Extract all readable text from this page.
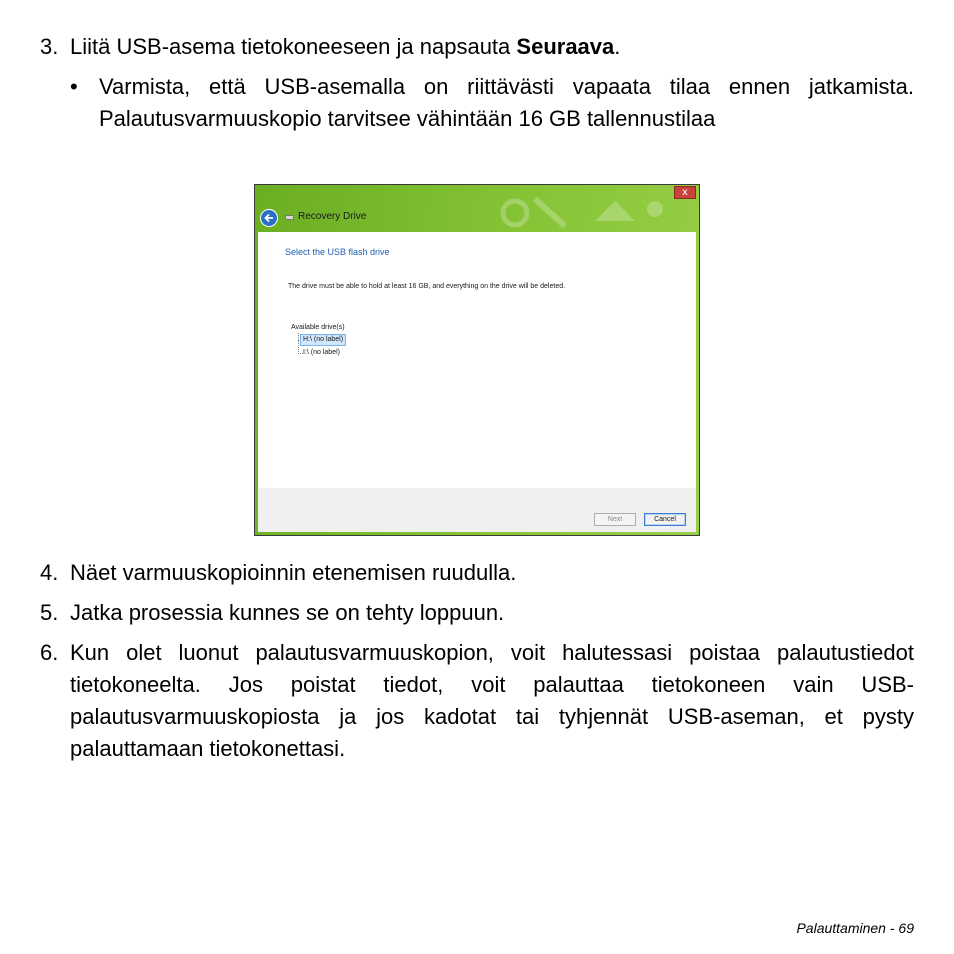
3. Liitä USB-asema tietokoneeseen ja napsauta Seuraava.

• Varmista, että USB-asemalla on riittävästi vapaata tilaa ennen jatkamista. Palautusvarmuuskopio tarvitsee vähintään 16 GB tallennustilaa

x
Recovery Drive
Select the USB flash drive
The drive must be able to hold at least 16 GB, and everything on the drive will be deleted.
Available drive(s)
H:\ (no label)
I:\ (no label)
Next	Cancel
4. Näet varmuuskopioinnin etenemisen ruudulla.

5. Jatka prosessia kunnes se on tehty loppuun.

6. Kun olet luonut palautusvarmuuskopion, voit halutessasi poistaa palautustiedot tietokoneelta. Jos poistat tiedot, voit palauttaa tietokoneen vain USB-palautusvarmuuskopiosta ja jos kadotat tai tyhjennät USB-aseman, et pysty palauttamaan tietokonettasi.

Palauttaminen - 69
